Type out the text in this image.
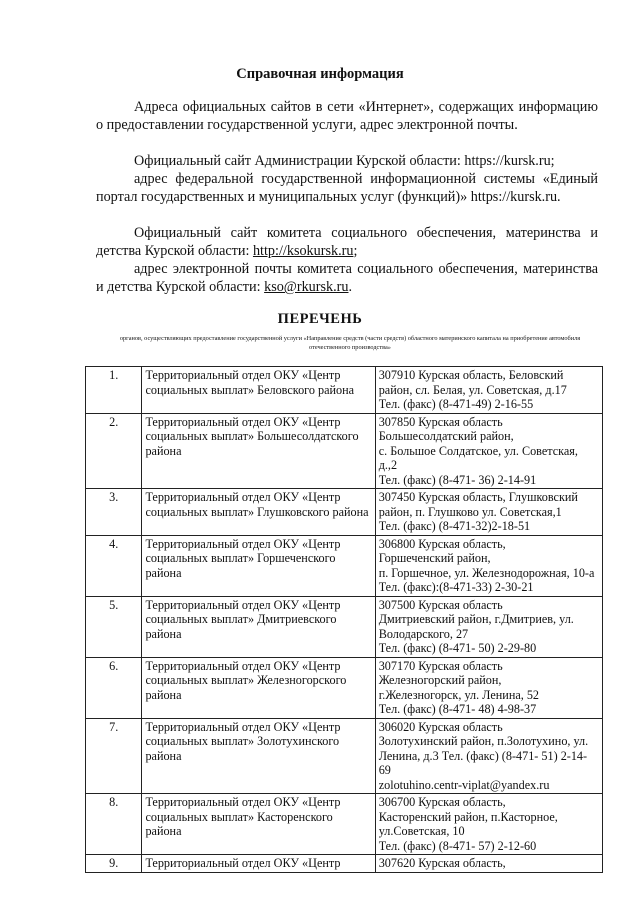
Справочная информация
Адреса официальных сайтов в сети «Интернет», содержащих информацию о предоставлении государственной услуги, адрес электронной почты.
Официальный сайт Администрации Курской области: https://kursk.ru;
адрес федеральной государственной информационной системы «Единый портал государственных и муниципальных услуг (функций)» https://kursk.ru.
Официальный сайт комитета социального обеспечения, материнства и детства Курской области: http://ksokursk.ru;
адрес электронной почты комитета социального обеспечения, материнства и детства Курской области: kso@rkursk.ru.
ПЕРЕЧЕНЬ
органов, осуществляющих предоставление государственной услуги «Направление средств (части средств) областного материнского капитала на приобретение автомобиля отечественного производства»
1.	Территориальный отдел ОКУ «Центр социальных выплат» Беловского района	307910 Курская область, Беловский район, сл. Белая, ул. Советская, д.17
Тел. (факс) (8-471-49) 2-16-55

2.	Территориальный отдел ОКУ «Центр социальных выплат» Большесолдатского района	307850 Курская область Большесолдатский район,
с. Большое Солдатское, ул. Советская, д.,2
Тел. (факс) (8-471- 36) 2-14-91

3.	Территориальный отдел ОКУ «Центр социальных выплат» Глушковского района	307450 Курская область, Глушковский район, п. Глушково ул. Советская,1
Тел. (факс) (8-471-32)2-18-51

4.	Территориальный отдел ОКУ «Центр социальных выплат» Горшеченского района	306800 Курская область,
Горшеченский район,
п. Горшечное, ул. Железнодорожная, 10-а
Тел. (факс):(8-471-33) 2-30-21

5.	Территориальный отдел ОКУ «Центр социальных выплат» Дмитриевского района	307500 Курская область
Дмитриевский район, г.Дмитриев, ул. Володарского, 27
Тел. (факс) (8-471- 50) 2-29-80

6.	Территориальный отдел ОКУ «Центр социальных выплат» Железногорского района	307170 Курская область
Железногорский район,
г.Железногорск, ул. Ленина, 52
Тел. (факс) (8-471- 48) 4-98-37

7.	Территориальный отдел ОКУ «Центр социальных выплат» Золотухинского района	306020 Курская область
Золотухинский район, п.Золотухино, ул. Ленина, д.3 Тел. (факс) (8-471- 51) 2-14-69
zolotuhino.centr-viplat@yandex.ru

8.	Территориальный отдел ОКУ «Центр социальных выплат» Касторенского района	306700 Курская область,
Касторенский район, п.Касторное, ул.Советская, 10
Тел. (факс) (8-471- 57) 2-12-60

9.	Территориальный отдел ОКУ «Центр	307620 Курская область,
